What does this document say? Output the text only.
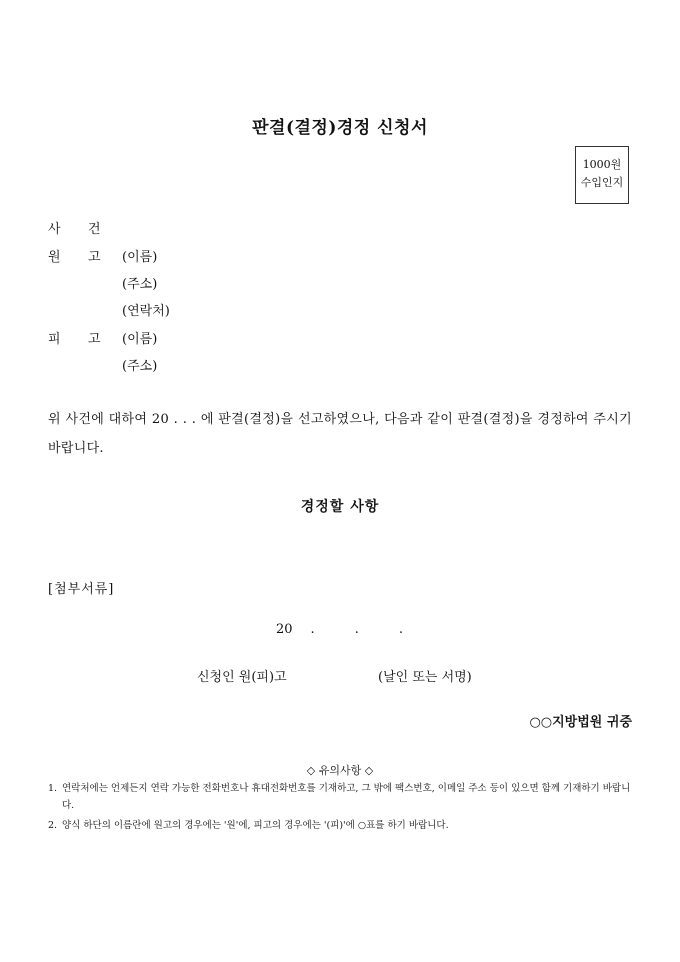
판결(결정)경정 신청서
1000원
수입인지
사 건
원 고	(이름)
(주소)
(연락처)
피 고	(이름)
(주소)
위 사건에 대하여 20 . . . 에 판결(결정)을 선고하였으나, 다음과 같이 판결(결정)을 경정하여 주시기 바랍니다.
경정할 사항
[첨부서류]
20 .	.	.
신청인 원(피)고	(날인 또는 서명)
○○지방법원 귀중
◇ 유의사항 ◇
1. 연락처에는 언제든지 연락 가능한 전화번호나 휴대전화번호를 기재하고, 그 밖에 팩스번호, 이메일 주소 등이 있으면 함께 기재하기 바랍니다.
2. 양식 하단의 이름란에 원고의 경우에는 '원'에, 피고의 경우에는 '(피)'에 ○표를 하기 바랍니다.
